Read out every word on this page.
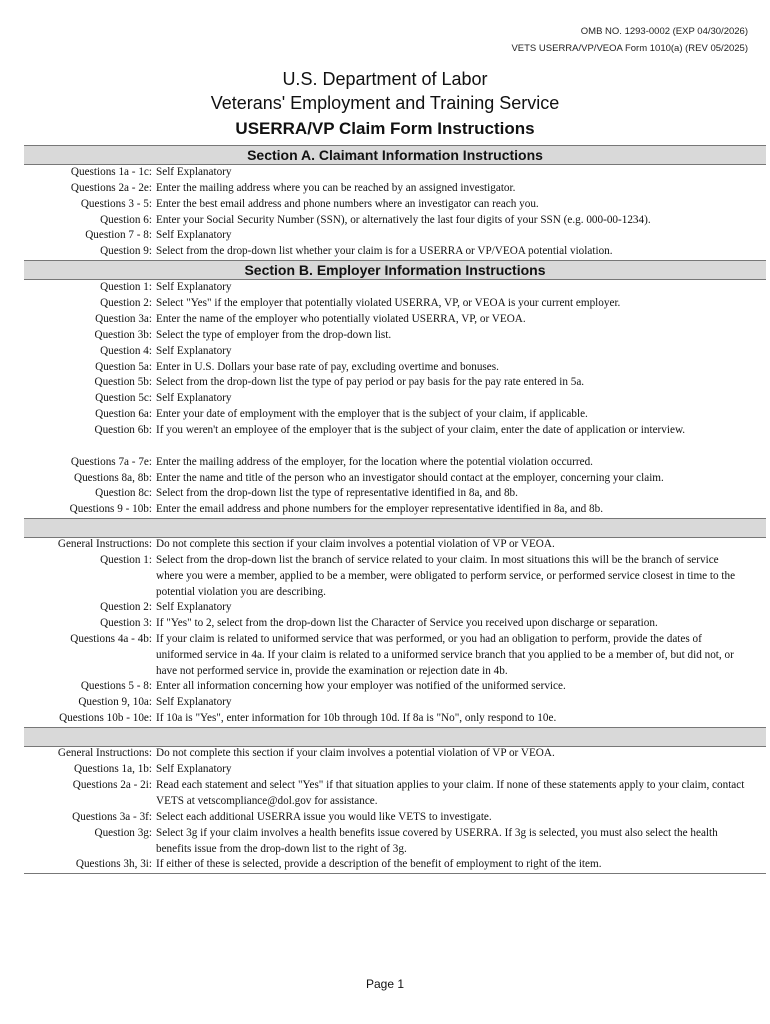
OMB NO. 1293-0002 (EXP 04/30/2026)
VETS USERRA/VP/VEOA Form 1010(a) (REV 05/2025)
U.S. Department of Labor
Veterans' Employment and Training Service
USERRA/VP Claim Form Instructions
Section A. Claimant Information Instructions
Questions 1a - 1c: Self Explanatory
Questions 2a - 2e: Enter the mailing address where you can be reached by an assigned investigator.
Questions 3 - 5: Enter the best email address and phone numbers where an investigator can reach you.
Question 6: Enter your Social Security Number (SSN), or alternatively the last four digits of your SSN (e.g. 000-00-1234).
Question 7 - 8: Self Explanatory
Question 9: Select from the drop-down list whether your claim is for a USERRA or VP/VEOA potential violation.
Section B. Employer Information Instructions
Question 1: Self Explanatory
Question 2: Select "Yes" if the employer that potentially violated USERRA, VP, or VEOA is your current employer.
Question 3a: Enter the name of the employer who potentially violated USERRA, VP, or VEOA.
Question 3b: Select the type of employer from the drop-down list.
Question 4: Self Explanatory
Question 5a: Enter in U.S. Dollars your base rate of pay, excluding overtime and bonuses.
Question 5b: Select from the drop-down list the type of pay period or pay basis for the pay rate entered in 5a.
Question 5c: Self Explanatory
Question 6a: Enter your date of employment with the employer that is the subject of your claim, if applicable.
Question 6b: If you weren't an employee of the employer that is the subject of your claim, enter the date of application or interview.
Questions 7a - 7e: Enter the mailing address of the employer, for the location where the potential violation occurred.
Questions 8a, 8b: Enter the name and title of the person who an investigator should contact at the employer, concerning your claim.
Question 8c: Select from the drop-down list the type of representative identified in 8a, and 8b.
Questions 9 - 10b: Enter the email address and phone numbers for the employer representative identified in 8a, and 8b.
General Instructions: Do not complete this section if your claim involves a potential violation of VP or VEOA.
Question 1: Select from the drop-down list the branch of service related to your claim. In most situations this will be the branch of service where you were a member, applied to be a member, were obligated to perform service, or performed service closest in time to the potential violation you are describing.
Question 2: Self Explanatory
Question 3: If "Yes" to 2, select from the drop-down list the Character of Service you received upon discharge or separation.
Questions 4a - 4b: If your claim is related to uniformed service that was performed, or you had an obligation to perform, provide the dates of uniformed service in 4a. If your claim is related to a uniformed service branch that you applied to be a member of, but did not, or have not performed service in, provide the examination or rejection date in 4b.
Questions 5 - 8: Enter all information concerning how your employer was notified of the uniformed service.
Question 9, 10a: Self Explanatory
Questions 10b - 10e: If 10a is "Yes", enter information for 10b through 10d. If 8a is "No", only respond to 10e.
General Instructions: Do not complete this section if your claim involves a potential violation of VP or VEOA.
Questions 1a, 1b: Self Explanatory
Questions 2a - 2i: Read each statement and select "Yes" if that situation applies to your claim. If none of these statements apply to your claim, contact VETS at vetscompliance@dol.gov for assistance.
Questions 3a - 3f: Select each additional USERRA issue you would like VETS to investigate.
Question 3g: Select 3g if your claim involves a health benefits issue covered by USERRA. If 3g is selected, you must also select the health benefits issue from the drop-down list to the right of 3g.
Questions 3h, 3i: If either of these is selected, provide a description of the benefit of employment to right of the item.
Page 1
